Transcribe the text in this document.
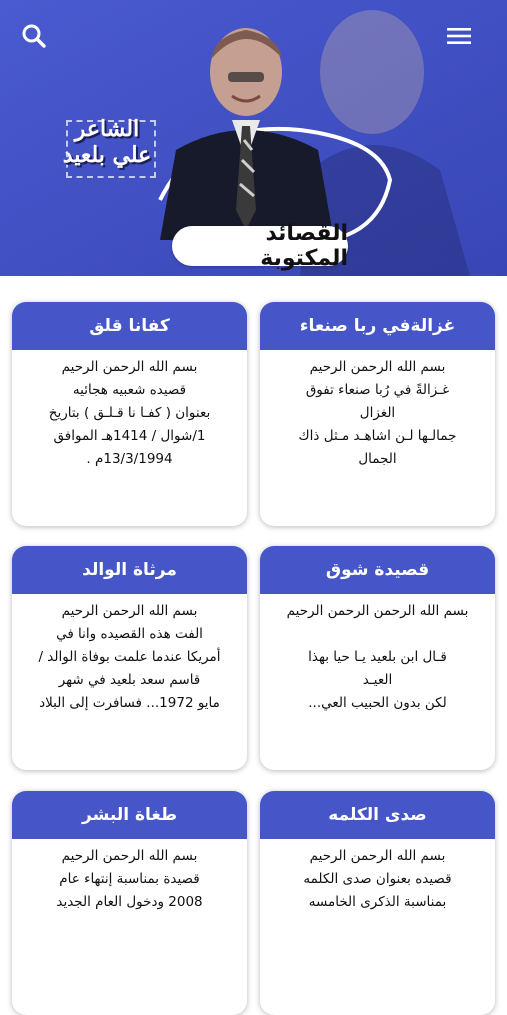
الشاعر علي بلعيد
القصائد المكتوبة
غزالةفي ربا صنعاء
بسم الله الرحمن الرحيم
غـزالةً في رُبا صنعاء تفوق
الغزال
جمالـها لـن اشاهـد مـثل ذاك
الجمال
كفانا قلق
بسم الله الرحمن الرحيم
قصيده شعبيه هجائيه
بعنوان ( كفـا نا قـلـق ) بتاريخ
1/شوال / 1414هـ الموافق
13/3/1994م .
قصيدة شوق
بسم الله الرحمن الرحمن الرحيم

قـال ابن بلعيد يـا حيا بهذا
العيـد
لكن بدون الحبيب العي...
مرثاة الوالد
بسم الله الرحمن الرحيم
الفت هذه القصيده وانا في
أمريكا عندما علمت بوفاة الوالد /
قاسم سعد بلعيد في شهر
مايو 1972... فسافرت إلى البلاد
صدى الكلمه
بسم الله الرحمن الرحيم
قصيده بعنوان صدى الكلمه
بمناسبة الذكرى الخامسه
طغاة البشر
بسم الله الرحمن الرحيم
قصيدة بمناسبة إنتهاء عام
2008 ودخول العام الجديد
